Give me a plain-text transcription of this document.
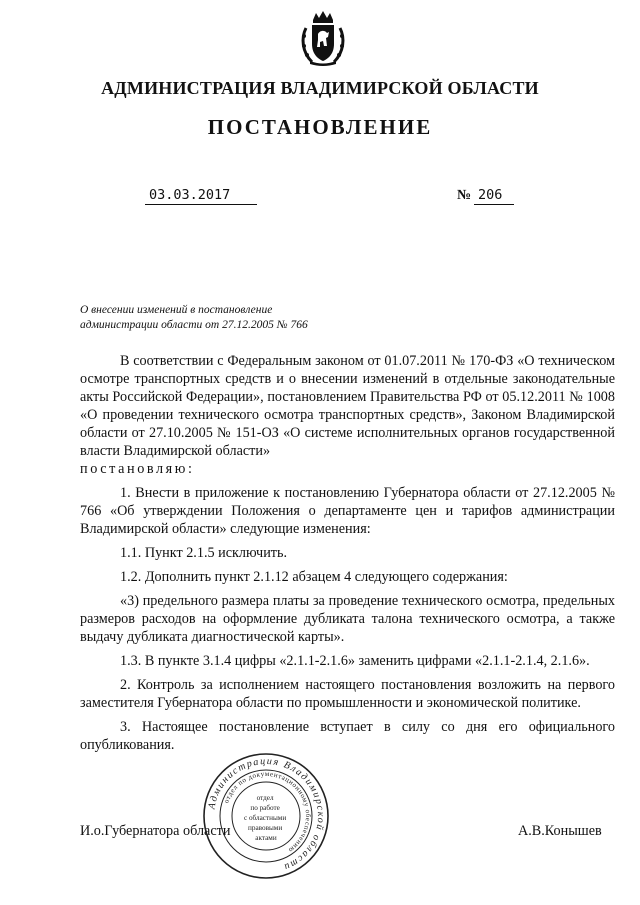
АДМИНИСТРАЦИЯ ВЛАДИМИРСКОЙ ОБЛАСТИ
ПОСТАНОВЛЕНИЕ
03.03.2017	№ 206
О внесении изменений в постановление
администрации области от 27.12.2005 № 766

В соответствии с Федеральным законом от 01.07.2011 № 170-ФЗ «О техническом осмотре транспортных средств и о внесении изменений в отдельные законодательные акты Российской Федерации», постановлением Правительства РФ от 05.12.2011 № 1008 «О проведении технического осмотра транспортных средств», Законом Владимирской области от 27.10.2005 № 151-ОЗ «О системе исполнительных органов государственной власти Владимирской области»
постановляю:

1. Внести в приложение к постановлению Губернатора области от 27.12.2005 № 766 «Об утверждении Положения о департаменте цен и тарифов администрации Владимирской области» следующие изменения:

1.1. Пункт 2.1.5 исключить.

1.2. Дополнить пункт 2.1.12 абзацем 4 следующего содержания:

«3) предельного размера платы за проведение технического осмотра, предельных размеров расходов на оформление дубликата талона технического осмотра, а также выдачу дубликата диагностической карты».

1.3. В пункте 3.1.4 цифры «2.1.1-2.1.6» заменить цифрами «2.1.1-2.1.4, 2.1.6».

2. Контроль за исполнением настоящего постановления возложить на первого заместителя Губернатора области по промышленности и экономической политике.

3. Настоящее постановление вступает в силу со дня его официального опубликования.

И.о.Губернатора области	А.В.Конышев
Администрация Владимирской области
отдел по документационному обеспечению
отдел по работе с областными правовыми актами
